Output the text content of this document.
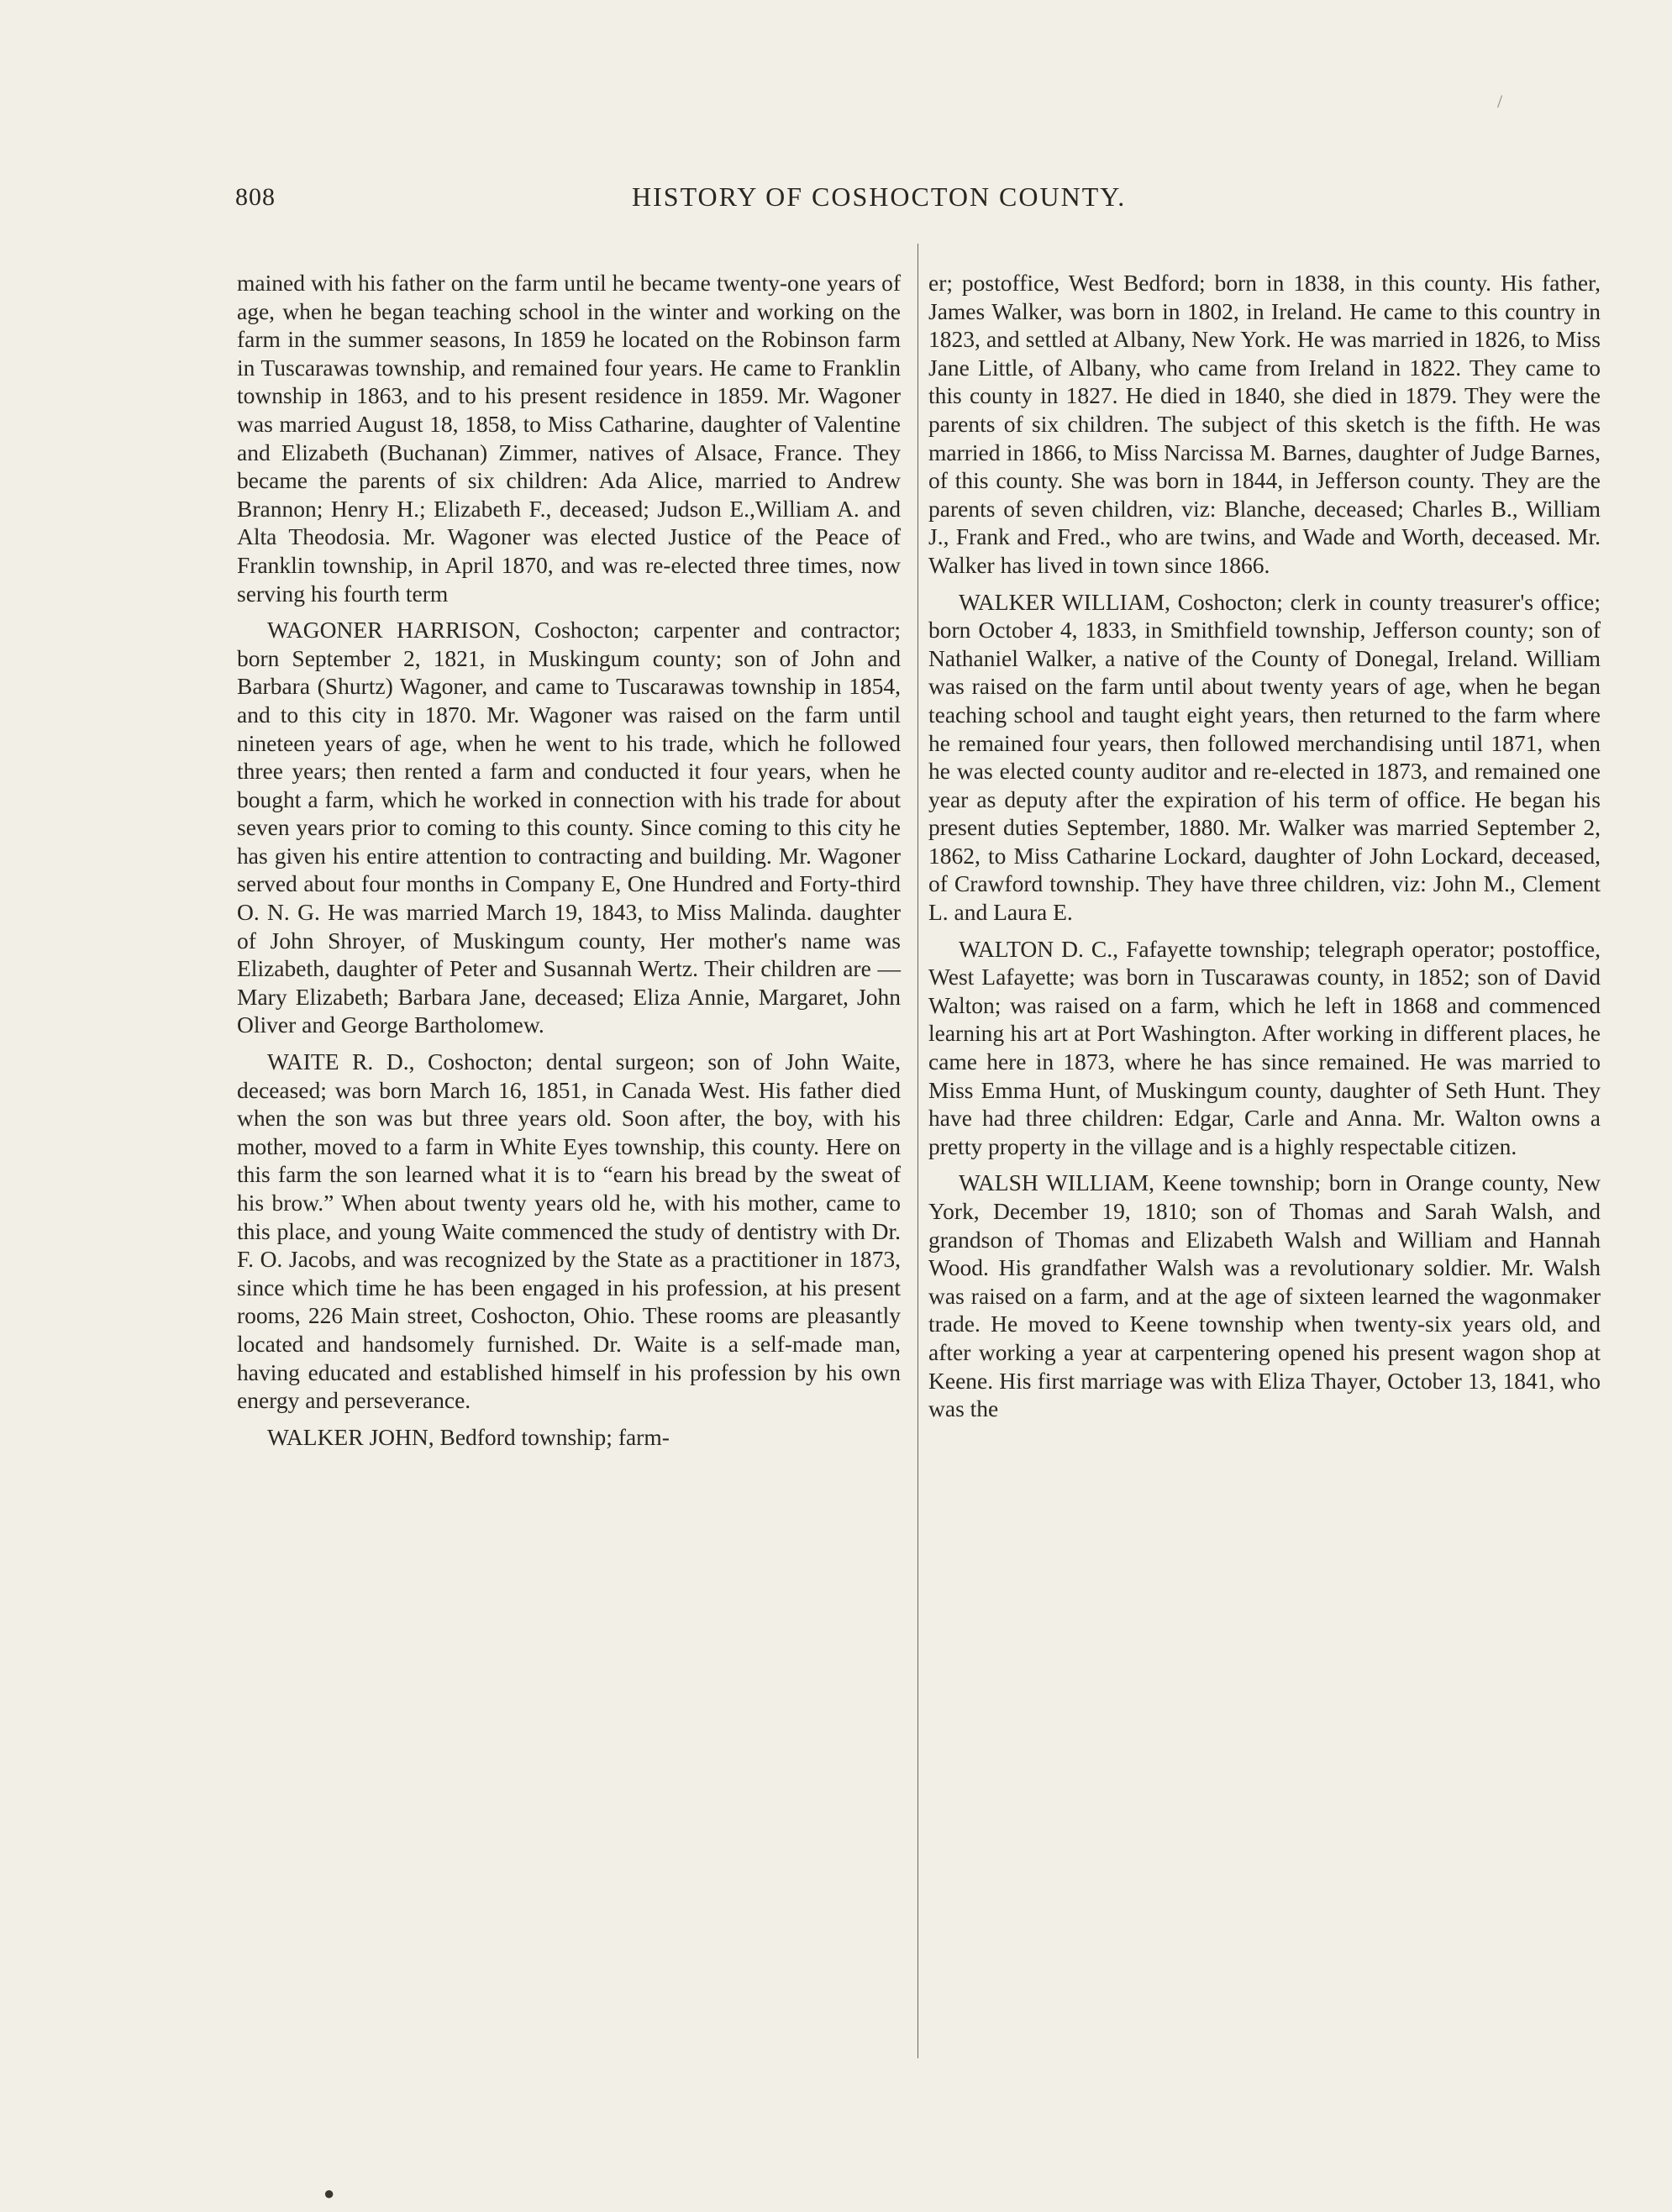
/
808	HISTORY OF COSHOCTON COUNTY.

mained with his father on the farm until he became twenty-one years of age, when he began teaching school in the winter and working on the farm in the summer seasons, In 1859 he located on the Robinson farm in Tuscarawas township, and remained four years. He came to Franklin township in 1863, and to his present residence in 1859. Mr. Wagoner was married August 18, 1858, to Miss Catharine, daughter of Valentine and Elizabeth (Buchanan) Zimmer, natives of Alsace, France. They became the parents of six children: Ada Alice, married to Andrew Brannon; Henry H.; Elizabeth F., deceased; Judson E.,William A. and Alta Theodosia. Mr. Wagoner was elected Justice of the Peace of Franklin township, in April 1870, and was re-elected three times, now serving his fourth term

WAGONER HARRISON, Coshocton; carpenter and contractor; born September 2, 1821, in Muskingum county; son of John and Barbara (Shurtz) Wagoner, and came to Tuscarawas township in 1854, and to this city in 1870. Mr. Wagoner was raised on the farm until nineteen years of age, when he went to his trade, which he followed three years; then rented a farm and conducted it four years, when he bought a farm, which he worked in connection with his trade for about seven years prior to coming to this county. Since coming to this city he has given his entire attention to contracting and building. Mr. Wagoner served about four months in Company E, One Hundred and Forty-third O. N. G. He was married March 19, 1843, to Miss Malinda. daughter of John Shroyer, of Muskingum county, Her mother's name was Elizabeth, daughter of Peter and Susannah Wertz. Their children are —Mary Elizabeth; Barbara Jane, deceased; Eliza Annie, Margaret, John Oliver and George Bartholomew.

WAITE R. D., Coshocton; dental surgeon; son of John Waite, deceased; was born March 16, 1851, in Canada West. His father died when the son was but three years old. Soon after, the boy, with his mother, moved to a farm in White Eyes township, this county. Here on this farm the son learned what it is to “earn his bread by the sweat of his brow.” When about twenty years old he, with his mother, came to this place, and young Waite commenced the study of dentistry with Dr. F. O. Jacobs, and was recognized by the State as a practitioner in 1873, since which time he has been engaged in his profession, at his present rooms, 226 Main street, Coshocton, Ohio. These rooms are pleasantly located and handsomely furnished. Dr. Waite is a self-made man, having educated and established himself in his profession by his own energy and perseverance.

WALKER JOHN, Bedford township; farm-

er; postoffice, West Bedford; born in 1838, in this county. His father, James Walker, was born in 1802, in Ireland. He came to this country in 1823, and settled at Albany, New York. He was married in 1826, to Miss Jane Little, of Albany, who came from Ireland in 1822. They came to this county in 1827. He died in 1840, she died in 1879. They were the parents of six children. The subject of this sketch is the fifth. He was married in 1866, to Miss Narcissa M. Barnes, daughter of Judge Barnes, of this county. She was born in 1844, in Jefferson county. They are the parents of seven children, viz: Blanche, deceased; Charles B., William J., Frank and Fred., who are twins, and Wade and Worth, deceased. Mr. Walker has lived in town since 1866.

WALKER WILLIAM, Coshocton; clerk in county treasurer's office; born October 4, 1833, in Smithfield township, Jefferson county; son of Nathaniel Walker, a native of the County of Donegal, Ireland. William was raised on the farm until about twenty years of age, when he began teaching school and taught eight years, then returned to the farm where he remained four years, then followed merchandising until 1871, when he was elected county auditor and re-elected in 1873, and remained one year as deputy after the expiration of his term of office. He began his present duties September, 1880. Mr. Walker was married September 2, 1862, to Miss Catharine Lockard, daughter of John Lockard, deceased, of Crawford township. They have three children, viz: John M., Clement L. and Laura E.

WALTON D. C., Fafayette township; telegraph operator; postoffice, West Lafayette; was born in Tuscarawas county, in 1852; son of David Walton; was raised on a farm, which he left in 1868 and commenced learning his art at Port Washington. After working in different places, he came here in 1873, where he has since remained. He was married to Miss Emma Hunt, of Muskingum county, daughter of Seth Hunt. They have had three children: Edgar, Carle and Anna. Mr. Walton owns a pretty property in the village and is a highly respectable citizen.

WALSH WILLIAM, Keene township; born in Orange county, New York, December 19, 1810; son of Thomas and Sarah Walsh, and grandson of Thomas and Elizabeth Walsh and William and Hannah Wood. His grandfather Walsh was a revolutionary soldier. Mr. Walsh was raised on a farm, and at the age of sixteen learned the wagonmaker trade. He moved to Keene township when twenty-six years old, and after working a year at carpentering opened his present wagon shop at Keene. His first marriage was with Eliza Thayer, October 13, 1841, who was the

●
